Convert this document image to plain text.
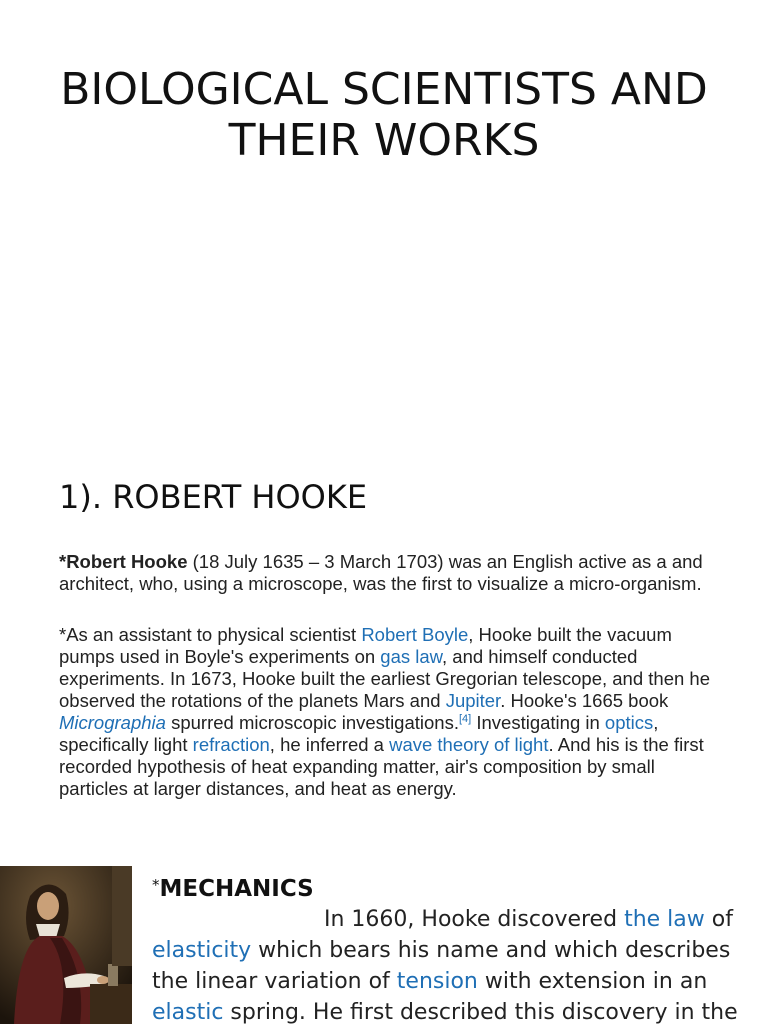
BIOLOGICAL SCIENTISTS AND THEIR WORKS
1). ROBERT HOOKE

*Robert Hooke (18 July 1635 – 3 March 1703) was an English active as a and architect, who, using a microscope, was the first to visualize a micro-organism.

*As an assistant to physical scientist Robert Boyle, Hooke built the vacuum pumps used in Boyle's experiments on gas law, and himself conducted experiments. In 1673, Hooke built the earliest Gregorian telescope, and then he observed the rotations of the planets Mars and Jupiter. Hooke's 1665 book Micrographia spurred microscopic investigations.[4] Investigating in optics, specifically light refraction, he inferred a wave theory of light. And his is the first recorded hypothesis of heat expanding matter, air's composition by small particles at larger distances, and heat as energy.

*MECHANICS

In 1660, Hooke discovered the law of elasticity which bears his name and which describes the linear variation of tension with extension in an elastic spring. He first described this discovery in the
